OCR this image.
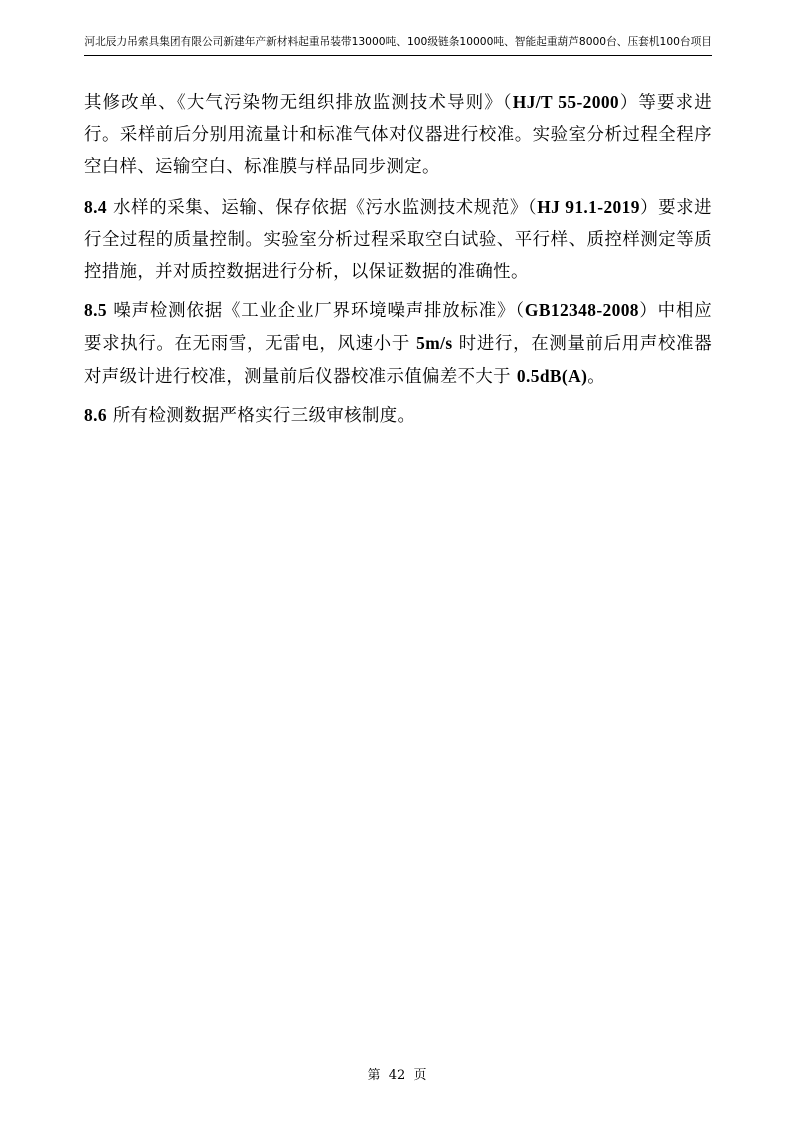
河北辰力吊索具集团有限公司新建年产新材料起重吊装带13000吨、100级链条10000吨、智能起重葫芦8000台、压套机100台项目

其修改单、《大气污染物无组织排放监测技术导则》（HJ/T 55-2000）等要求进行。采样前后分别用流量计和标准气体对仪器进行校准。实验室分析过程全程序空白样、运输空白、标准膜与样品同步测定。

8.4 水样的采集、运输、保存依据《污水监测技术规范》（HJ 91.1-2019）要求进行全过程的质量控制。实验室分析过程采取空白试验、平行样、质控样测定等质控措施，并对质控数据进行分析，以保证数据的准确性。

8.5 噪声检测依据《工业企业厂界环境噪声排放标准》（GB12348-2008）中相应要求执行。在无雨雪，无雷电，风速小于 5m/s 时进行，在测量前后用声校准器对声级计进行校准，测量前后仪器校准示值偏差不大于 0.5dB(A)。

8.6 所有检测数据严格实行三级审核制度。

第  42  页
